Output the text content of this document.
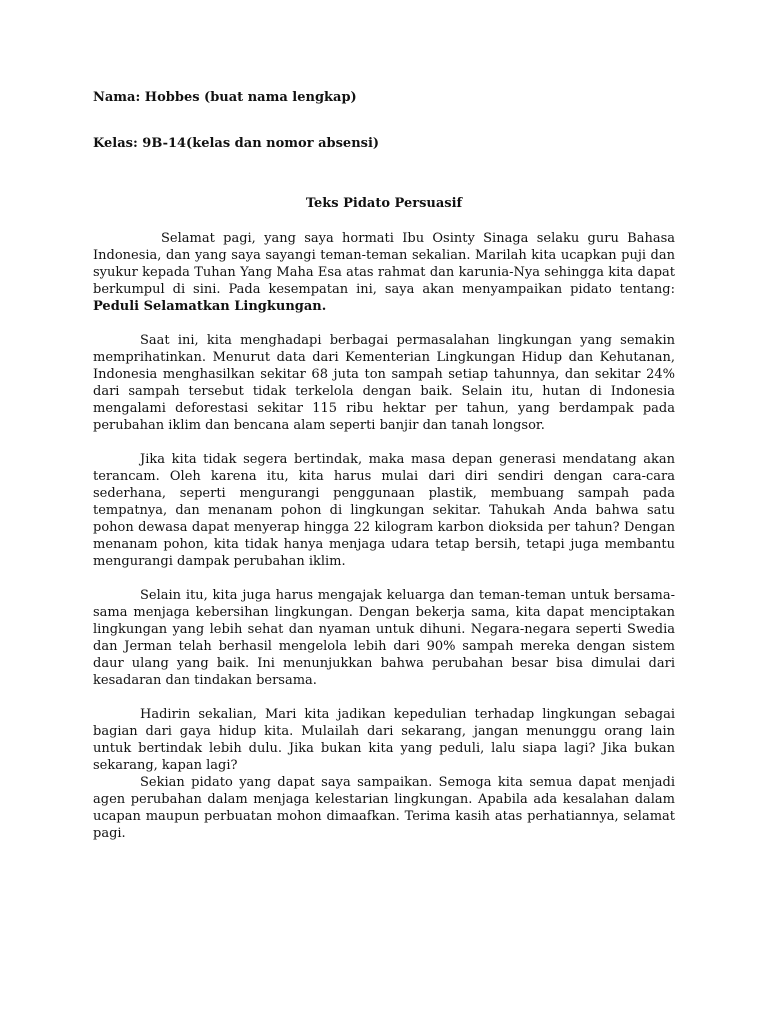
Nama: Hobbes (buat nama lengkap)
Kelas: 9B-14(kelas dan nomor absensi)
Teks Pidato Persuasif

Selamat pagi, yang saya hormati Ibu Osinty Sinaga selaku guru Bahasa Indonesia, dan yang saya sayangi teman-teman sekalian. Marilah kita ucapkan puji dan syukur kepada Tuhan Yang Maha Esa atas rahmat dan karunia-Nya sehingga kita dapat berkumpul di sini. Pada kesempatan ini, saya akan menyampaikan pidato tentang: Peduli Selamatkan Lingkungan.

Saat ini, kita menghadapi berbagai permasalahan lingkungan yang semakin memprihatinkan. Menurut data dari Kementerian Lingkungan Hidup dan Kehutanan, Indonesia menghasilkan sekitar 68 juta ton sampah setiap tahunnya, dan sekitar 24% dari sampah tersebut tidak terkelola dengan baik. Selain itu, hutan di Indonesia mengalami deforestasi sekitar 115 ribu hektar per tahun, yang berdampak pada perubahan iklim dan bencana alam seperti banjir dan tanah longsor.

Jika kita tidak segera bertindak, maka masa depan generasi mendatang akan terancam. Oleh karena itu, kita harus mulai dari diri sendiri dengan cara-cara sederhana, seperti mengurangi penggunaan plastik, membuang sampah pada tempatnya, dan menanam pohon di lingkungan sekitar. Tahukah Anda bahwa satu pohon dewasa dapat menyerap hingga 22 kilogram karbon dioksida per tahun? Dengan menanam pohon, kita tidak hanya menjaga udara tetap bersih, tetapi juga membantu mengurangi dampak perubahan iklim.

Selain itu, kita juga harus mengajak keluarga dan teman-teman untuk bersama-sama menjaga kebersihan lingkungan. Dengan bekerja sama, kita dapat menciptakan lingkungan yang lebih sehat dan nyaman untuk dihuni. Negara-negara seperti Swedia dan Jerman telah berhasil mengelola lebih dari 90% sampah mereka dengan sistem daur ulang yang baik. Ini menunjukkan bahwa perubahan besar bisa dimulai dari kesadaran dan tindakan bersama.

Hadirin sekalian, Mari kita jadikan kepedulian terhadap lingkungan sebagai bagian dari gaya hidup kita. Mulailah dari sekarang, jangan menunggu orang lain untuk bertindak lebih dulu. Jika bukan kita yang peduli, lalu siapa lagi? Jika bukan sekarang, kapan lagi?

Sekian pidato yang dapat saya sampaikan. Semoga kita semua dapat menjadi agen perubahan dalam menjaga kelestarian lingkungan. Apabila ada kesalahan dalam ucapan maupun perbuatan mohon dimaafkan. Terima kasih atas perhatiannya, selamat pagi.
